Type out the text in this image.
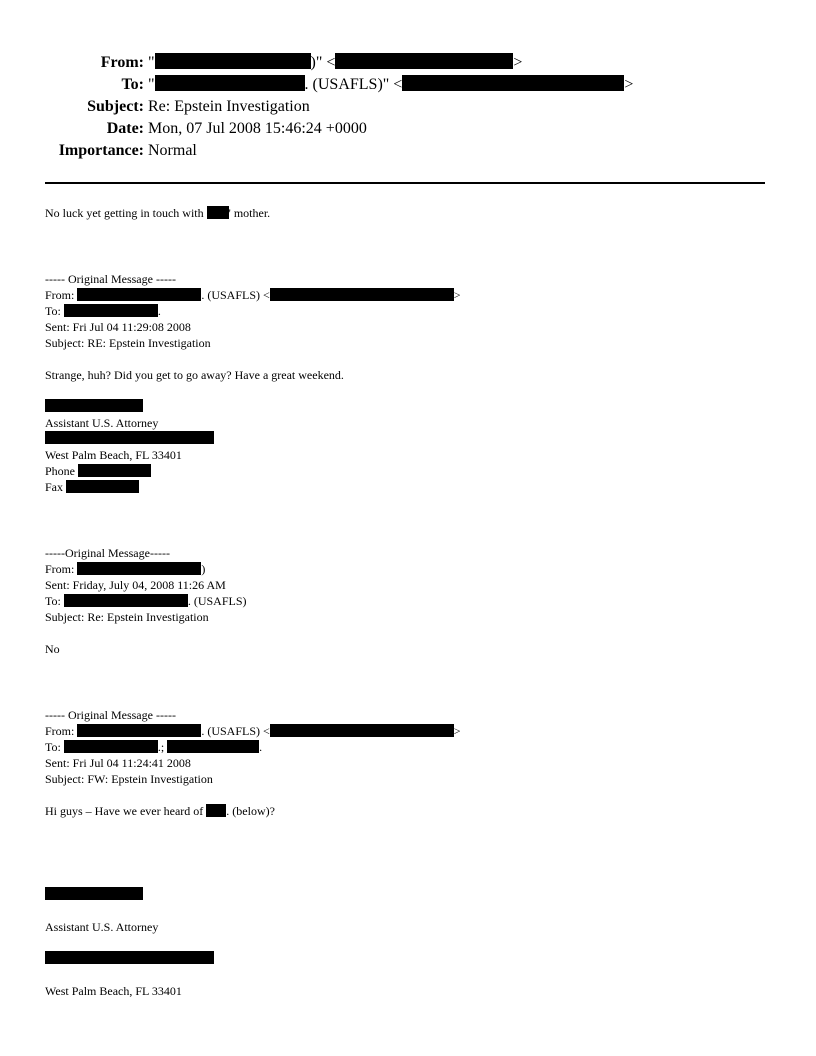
From: "	)" <	>
To: "	. (USAFLS)" <	>
Subject: Re: Epstein Investigation
Date: Mon, 07 Jul 2008 15:46:24 +0000
Importance: Normal
No luck yet getting in touch with ' mother.
----- Original Message -----
From:	. (USAFLS) <	>
To:	.
Sent: Fri Jul 04 11:29:08 2008
Subject: RE: Epstein Investigation
Strange, huh? Did you get to go away? Have a great weekend.
Assistant U.S. Attorney
West Palm Beach, FL 33401
Phone
Fax
-----Original Message-----
From:	)
Sent: Friday, July 04, 2008 11:26 AM
To:	. (USAFLS)
Subject: Re: Epstein Investigation
No
----- Original Message -----
From:	. (USAFLS) <	>
To:	.;	.
Sent: Fri Jul 04 11:24:41 2008
Subject: FW: Epstein Investigation
Hi guys – Have we ever heard of . (below)?
Assistant U.S. Attorney
West Palm Beach, FL 33401
